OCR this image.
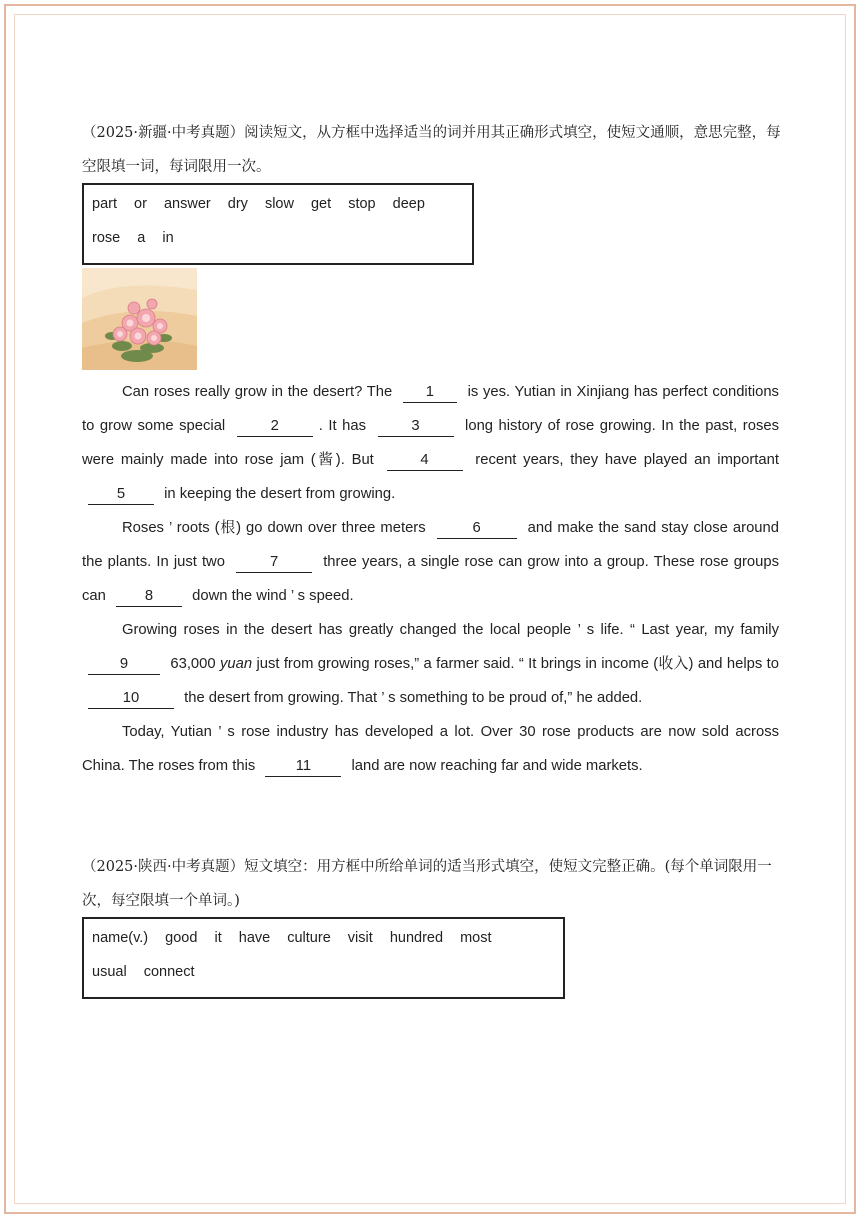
（2025·新疆·中考真题）阅读短文，从方框中选择适当的词并用其正确形式填空，使短文通顺，意思完整，每空限填一词，每词限用一次。
part or answer dry slow get stop deep rose a in

Can roses really grow in the desert? The 1 is yes. Yutian in Xinjiang has perfect conditions to grow some special	2	. It has	3	long history of rose growing. In the past, roses were mainly made into rose jam (酱). But	4	recent years, they have played an important 5	in keeping the desert from growing.

Roses ’ roots (根) go down over three meters	6	and make the sand stay close around the plants. In just two	7	three years, a single rose can grow into a group. These rose groups can	8	down the wind ’ s speed.

Growing roses in the desert has greatly changed the local people ’ s life. “ Last year, my family 9	63,000 yuan just from growing roses,” a farmer said. “ It brings in income (收入) and helps to 10	the desert from growing. That ’ s something to be proud of,” he added.

Today, Yutian ’ s rose industry has developed a lot. Over 30 rose products are now sold across China. The roses from this	11	land are now reaching far and wide markets.

（2025·陕西·中考真题）短文填空：用方框中所给单词的适当形式填空，使短文完整正确。(每个单词限用一次，每空限填一个单词。)
name(v.) good it have culture visit hundred most usual connect
